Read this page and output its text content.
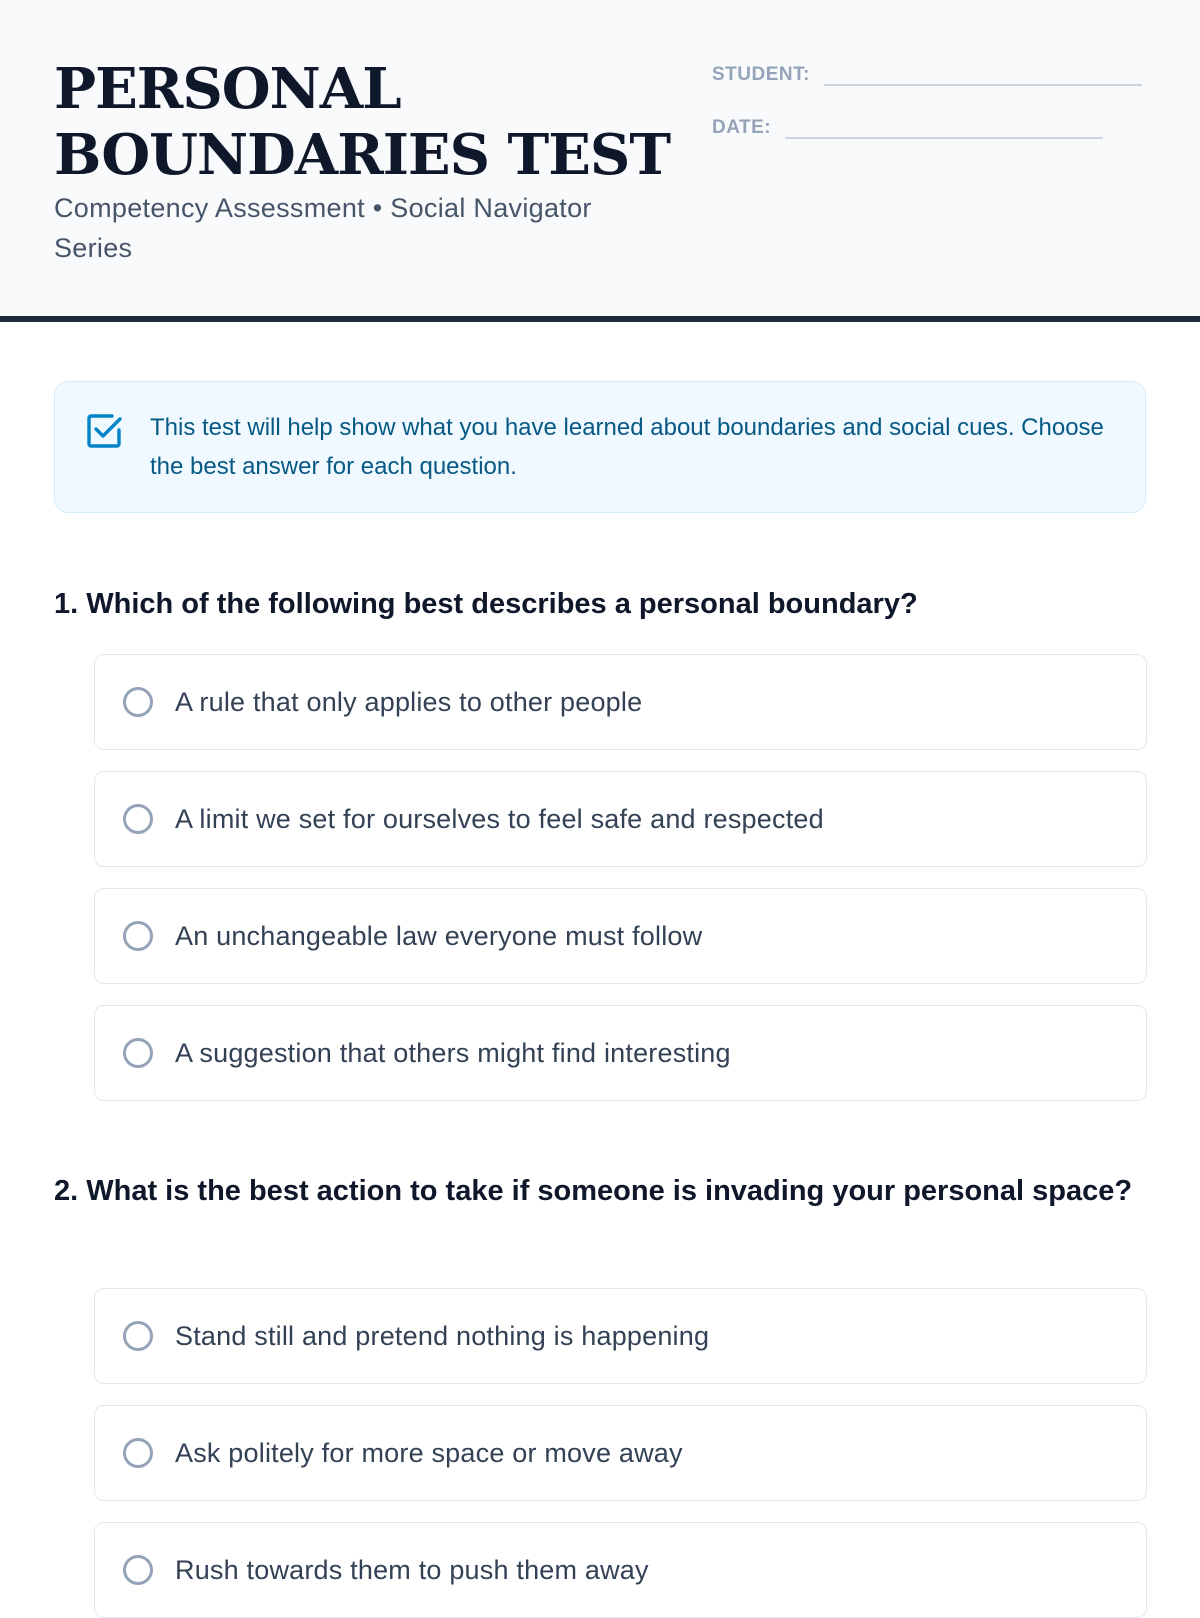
PERSONAL
BOUNDARIES TEST
Competency Assessment • Social Navigator Series
STUDENT:
DATE:
This test will help show what you have learned about boundaries and social cues. Choose the best answer for each question.
1. Which of the following best describes a personal boundary?
A rule that only applies to other people
A limit we set for ourselves to feel safe and respected
An unchangeable law everyone must follow
A suggestion that others might find interesting
2. What is the best action to take if someone is invading your personal space?
Stand still and pretend nothing is happening
Ask politely for more space or move away
Rush towards them to push them away
